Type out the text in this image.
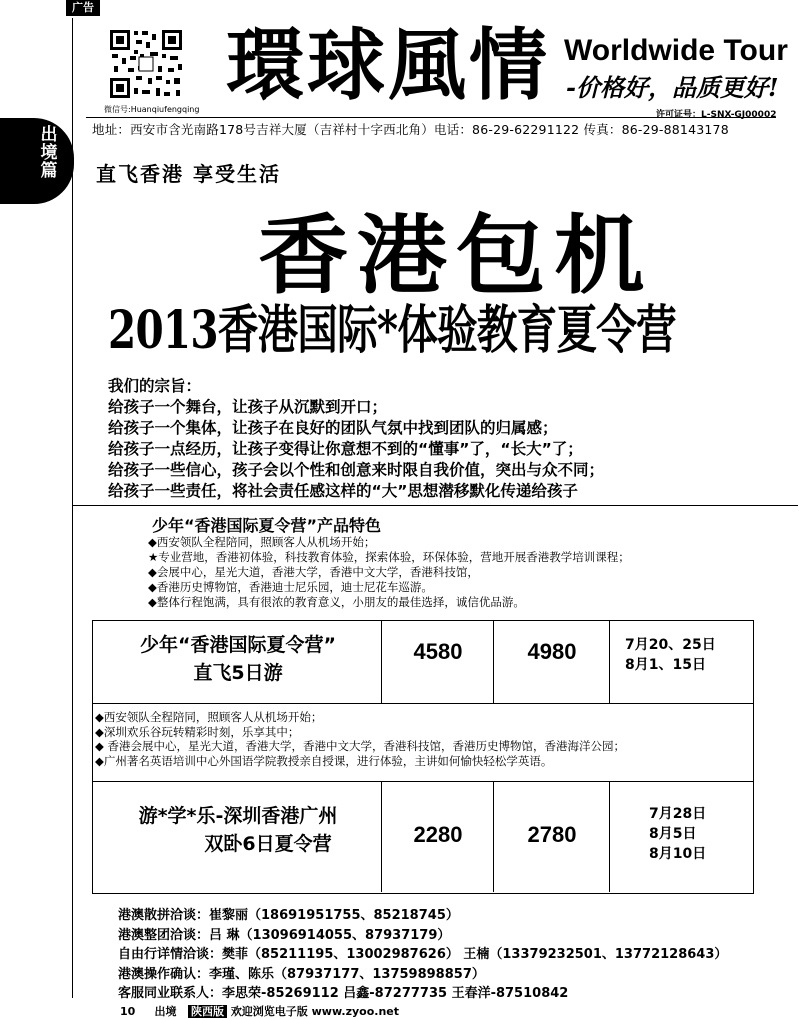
广告
出境篇
微信号:Huanqiufengqing 環球風情 Worldwide Tour
-价格好，品质更好!
许可证号：L-SNX-GJ00002
地址：西安市含光南路178号吉祥大厦（吉祥村十字西北角）电话：86-29-62291122 传真：86-29-88143178
直飞香港 享受生活
香港包机
2013香港国际*体验教育夏令营
我们的宗旨：
给孩子一个舞台，让孩子从沉默到开口；
给孩子一个集体，让孩子在良好的团队气氛中找到团队的归属感；
给孩子一点经历，让孩子变得让你意想不到的“懂事”了，“长大”了；
给孩子一些信心，孩子会以个性和创意来时限自我价值，突出与众不同；
给孩子一些责任，将社会责任感这样的“大”思想潜移默化传递给孩子
少年“香港国际夏令营”产品特色
◆西安领队全程陪同，照顾客人从机场开始；
★专业营地，香港初体验，科技教育体验，探索体验，环保体验，营地开展香港教学培训课程；
◆会展中心，星光大道，香港大学，香港中文大学，香港科技馆，
◆香港历史博物馆，香港迪士尼乐园，迪士尼花车巡游。
◆整体行程饱满，具有很浓的教育意义，小朋友的最佳选择，诚信优品游。
少年“香港国际夏令营”
直飞5日游
4580	4980	7月20、25日
8月1、15日
◆西安领队全程陪同，照顾客人从机场开始；
◆深圳欢乐谷玩转精彩时刻，乐享其中；
◆ 香港会展中心，星光大道，香港大学，香港中文大学，香港科技馆，香港历史博物馆，香港海洋公园；
◆广州著名英语培训中心外国语学院教授亲自授课，进行体验，主讲如何愉快轻松学英语。
游*学*乐-深圳香港广州
双卧6日夏令营	2280	2780
7月28日
8月5日
8月10日
港澳散拼洽谈：崔黎丽（18691951755、85218745）
港澳整团洽谈：吕 琳（13096914055、87937179）
自由行详情洽谈：樊菲（85211195、13002987626） 王楠（13379232501、13772128643）
港澳操作确认：李瑾、陈乐（87937177、13759898857）
客服同业联系人：李思荣-85269112 吕鑫-87277735 王春洋-87510842
10 出境 陕西版 欢迎浏览电子版 www.zyoo.net
